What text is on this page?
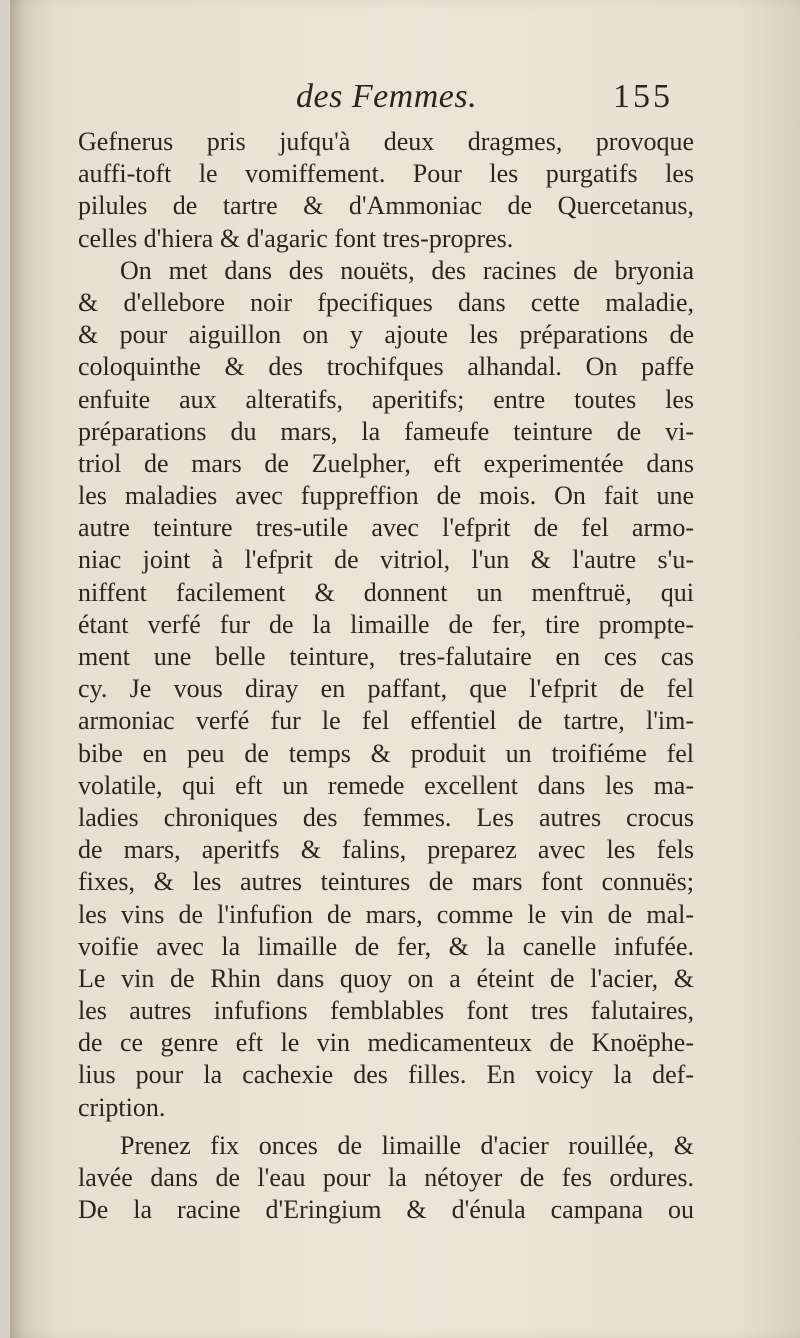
des Femmes.	155
Gefnerus pris jufqu'à deux dragmes, provoque
auffi-toft le vomiffement. Pour les purgatifs les
pilules de tartre & d'Ammoniac de Quercetanus,
celles d'hiera & d'agaric font tres-propres.
On met dans des nouëts, des racines de bryonia
& d'ellebore noir fpecifiques dans cette maladie,
& pour aiguillon on y ajoute les préparations de
coloquinthe & des trochifques alhandal. On paffe
enfuite aux alteratifs, aperitifs; entre toutes les
préparations du mars, la fameufe teinture de vi-
triol de mars de Zuelpher, eft experimentée dans
les maladies avec fuppreffion de mois. On fait une
autre teinture tres-utile avec l'efprit de fel armo-
niac joint à l'efprit de vitriol, l'un & l'autre s'u-
niffent facilement & donnent un menftruë, qui
étant verfé fur de la limaille de fer, tire prompte-
ment une belle teinture, tres-falutaire en ces cas
cy. Je vous diray en paffant, que l'efprit de fel
armoniac verfé fur le fel effentiel de tartre, l'im-
bibe en peu de temps & produit un troifiéme fel
volatile, qui eft un remede excellent dans les ma-
ladies chroniques des femmes. Les autres crocus
de mars, aperitfs & falins, preparez avec les fels
fixes, & les autres teintures de mars font connuës;
les vins de l'infufion de mars, comme le vin de mal-
voifie avec la limaille de fer, & la canelle infufée.
Le vin de Rhin dans quoy on a éteint de l'acier, &
les autres infufions femblables font tres falutaires,
de ce genre eft le vin medicamenteux de Knoëphe-
lius pour la cachexie des filles. En voicy la def-
cription.
Prenez fix onces de limaille d'acier rouillée, &
lavée dans de l'eau pour la nétoyer de fes ordures.
De la racine d'Eringium & d'énula campana ou
